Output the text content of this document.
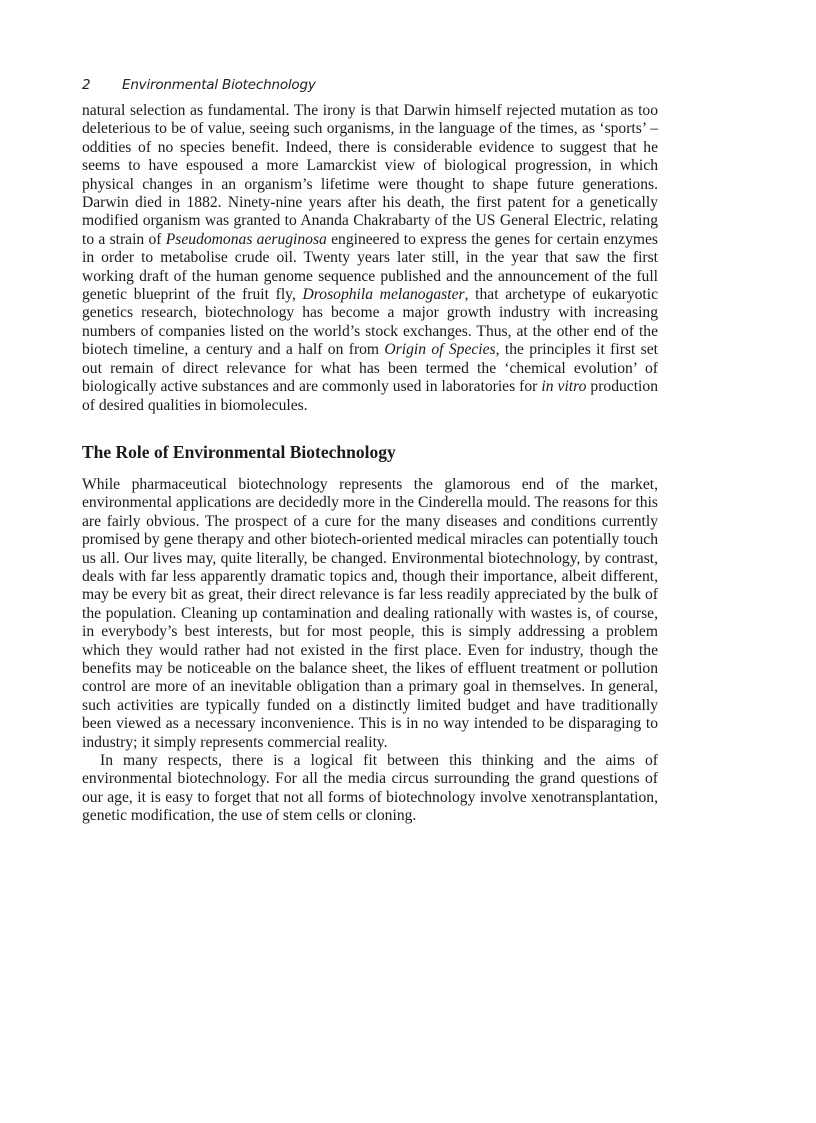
2 Environmental Biotechnology

natural selection as fundamental. The irony is that Darwin himself rejected mutation as too deleterious to be of value, seeing such organisms, in the language of the times, as ‘sports’ – oddities of no species benefit. Indeed, there is considerable evidence to suggest that he seems to have espoused a more Lamarckist view of biological progression, in which physical changes in an organism’s lifetime were thought to shape future generations. Darwin died in 1882. Ninety-nine years after his death, the first patent for a genetically modified organism was granted to Ananda Chakrabarty of the US General Electric, relating to a strain of Pseudomonas aeruginosa engineered to express the genes for certain enzymes in order to metabolise crude oil. Twenty years later still, in the year that saw the first working draft of the human genome sequence published and the announcement of the full genetic blueprint of the fruit fly, Drosophila melanogaster, that archetype of eukaryotic genetics research, biotechnology has become a major growth industry with increasing numbers of companies listed on the world’s stock exchanges. Thus, at the other end of the biotech timeline, a century and a half on from Origin of Species, the principles it first set out remain of direct relevance for what has been termed the ‘chemical evolution’ of biologically active substances and are commonly used in laboratories for in vitro production of desired qualities in biomolecules.

The Role of Environmental Biotechnology

While pharmaceutical biotechnology represents the glamorous end of the market, environmental applications are decidedly more in the Cinderella mould. The reasons for this are fairly obvious. The prospect of a cure for the many diseases and conditions currently promised by gene therapy and other biotech-oriented medical miracles can potentially touch us all. Our lives may, quite literally, be changed. Environmental biotechnology, by contrast, deals with far less apparently dramatic topics and, though their importance, albeit different, may be every bit as great, their direct relevance is far less readily appreciated by the bulk of the population. Cleaning up contamination and dealing rationally with wastes is, of course, in everybody’s best interests, but for most people, this is simply addressing a problem which they would rather had not existed in the first place. Even for industry, though the benefits may be noticeable on the balance sheet, the likes of effluent treatment or pollution control are more of an inevitable obligation than a primary goal in themselves. In general, such activities are typically funded on a distinctly limited budget and have traditionally been viewed as a necessary inconvenience. This is in no way intended to be disparaging to industry; it simply represents commercial reality.

In many respects, there is a logical fit between this thinking and the aims of environmental biotechnology. For all the media circus surrounding the grand questions of our age, it is easy to forget that not all forms of biotechnology involve xenotransplantation, genetic modification, the use of stem cells or cloning.
